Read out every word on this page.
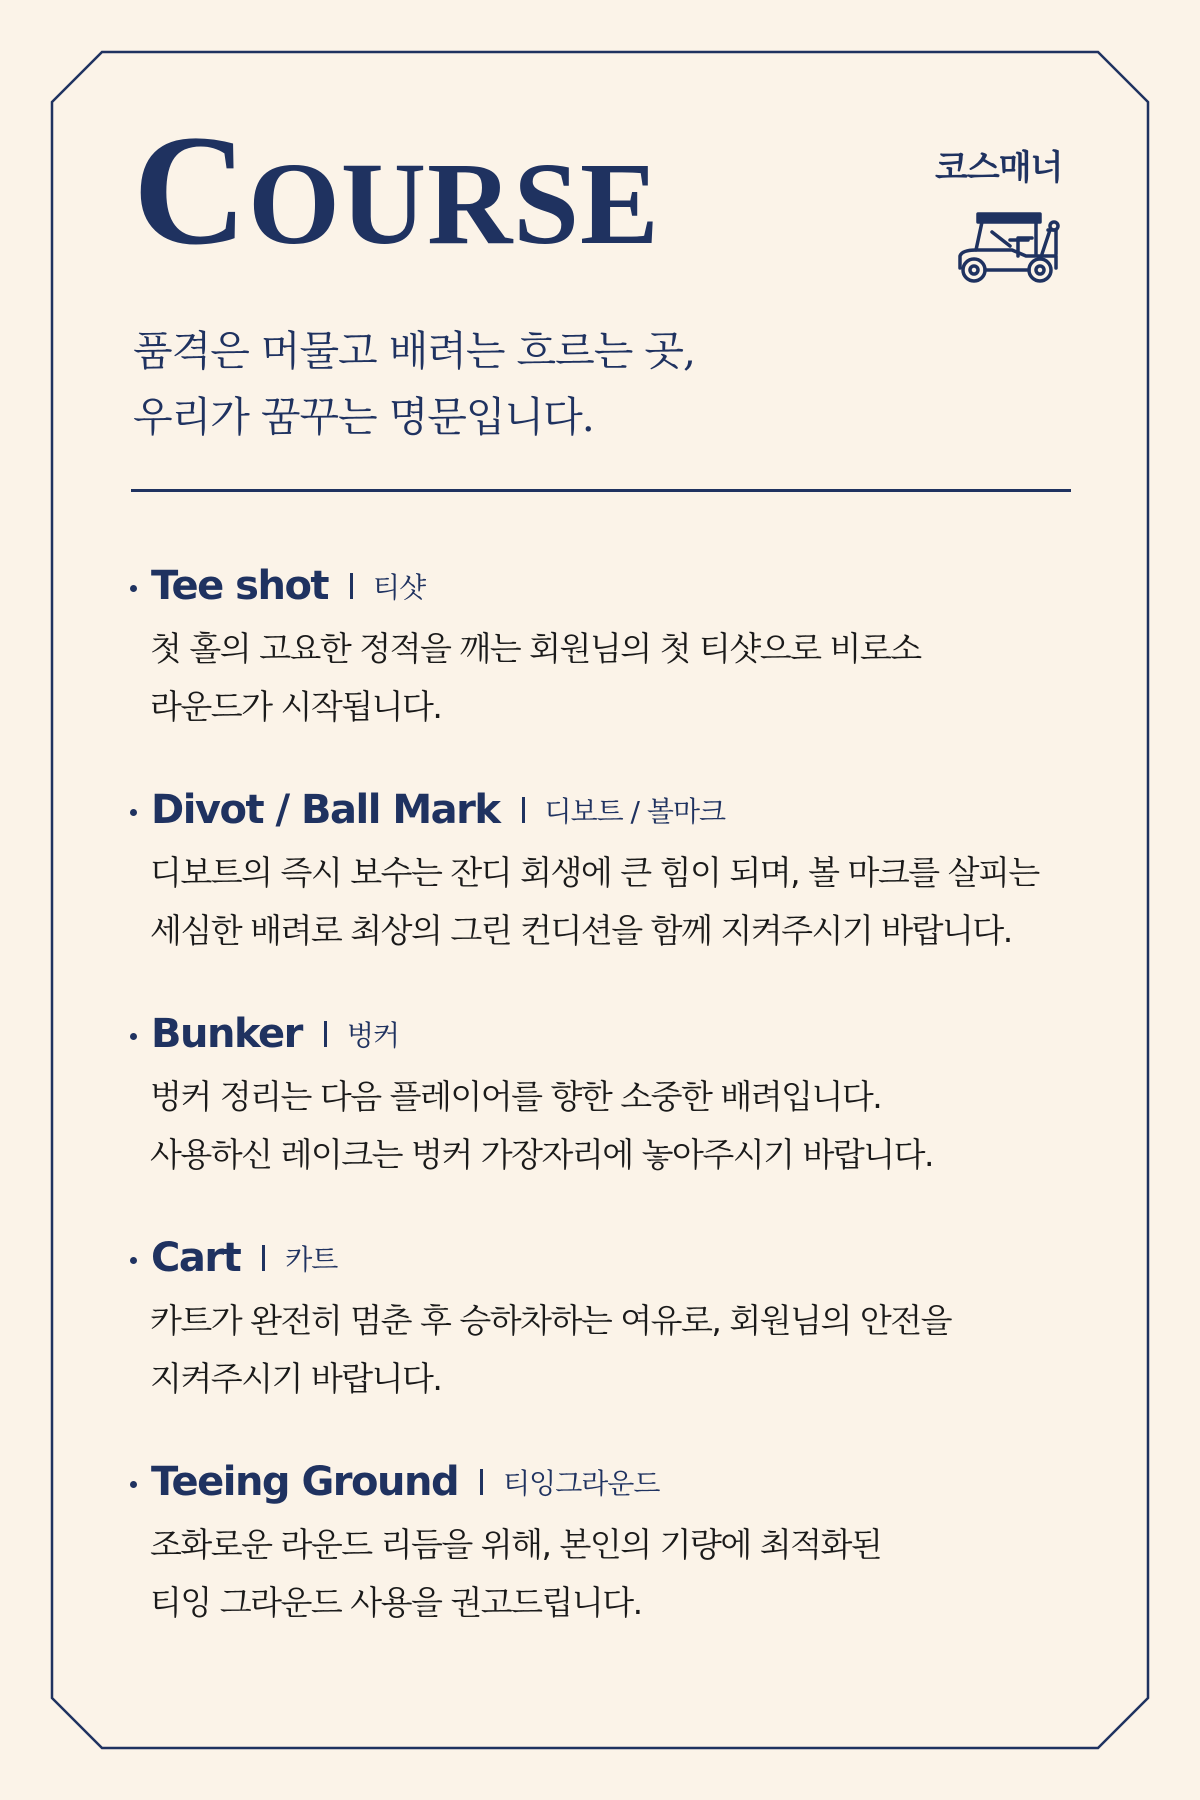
COURSE	코스매너
품격은 머물고 배려는 흐르는 곳,
우리가 꿈꾸는 명문입니다.
Tee shot 티샷
첫 홀의 고요한 정적을 깨는 회원님의 첫 티샷으로 비로소
라운드가 시작됩니다.
Divot / Ball Mark 디보트 / 볼마크
디보트의 즉시 보수는 잔디 회생에 큰 힘이 되며, 볼 마크를 살피는
세심한 배려로 최상의 그린 컨디션을 함께 지켜주시기 바랍니다.
Bunker 벙커
벙커 정리는 다음 플레이어를 향한 소중한 배려입니다.
사용하신 레이크는 벙커 가장자리에 놓아주시기 바랍니다.
Cart 카트
카트가 완전히 멈춘 후 승하차하는 여유로, 회원님의 안전을
지켜주시기 바랍니다.
Teeing Ground 티잉그라운드
조화로운 라운드 리듬을 위해, 본인의 기량에 최적화된
티잉 그라운드 사용을 권고드립니다.
